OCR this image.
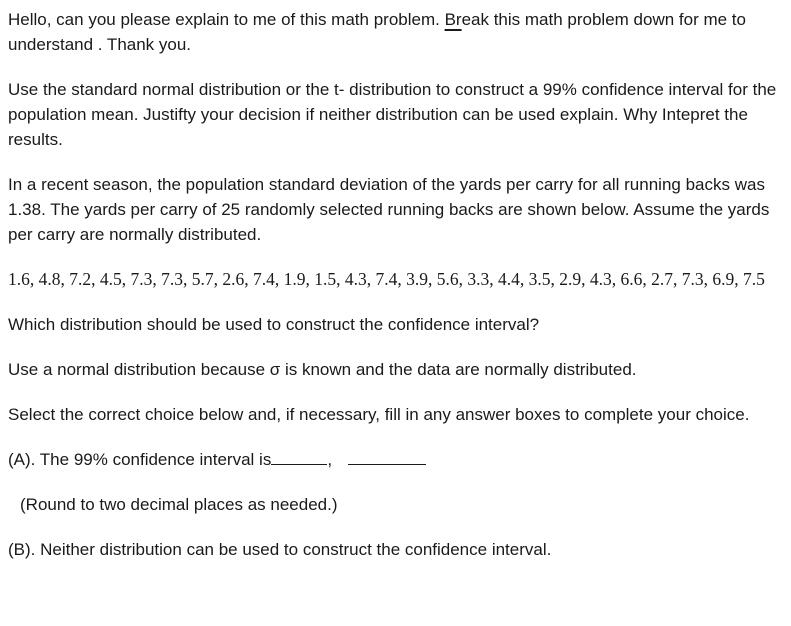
Hello, can you please explain to me of this math problem. Break this math problem down for me to understand . Thank you.

Use the standard normal distribution or the t- distribution to construct a 99% confidence interval for the population mean. Justifty your decision if neither distribution can be used explain. Why Intepret the results.

In a recent season, the population standard deviation of the yards per carry for all running backs was 1.38. The yards per carry of 25 randomly selected running backs are shown below. Assume the yards per carry are normally distributed.

1.6, 4.8, 7.2, 4.5, 7.3, 7.3, 5.7, 2.6, 7.4, 1.9, 1.5, 4.3, 7.4, 3.9, 5.6, 3.3, 4.4, 3.5, 2.9, 4.3, 6.6, 2.7, 7.3, 6.9, 7.5

Which distribution should be used to construct the confidence interval?

Use a normal distribution because σ is known and the data are normally distributed.

Select the correct choice below and, if necessary, fill in any answer boxes to complete your choice.

(A). The 99% confidence interval is	,

(Round to two decimal places as needed.)

(B). Neither distribution can be used to construct the confidence interval.
